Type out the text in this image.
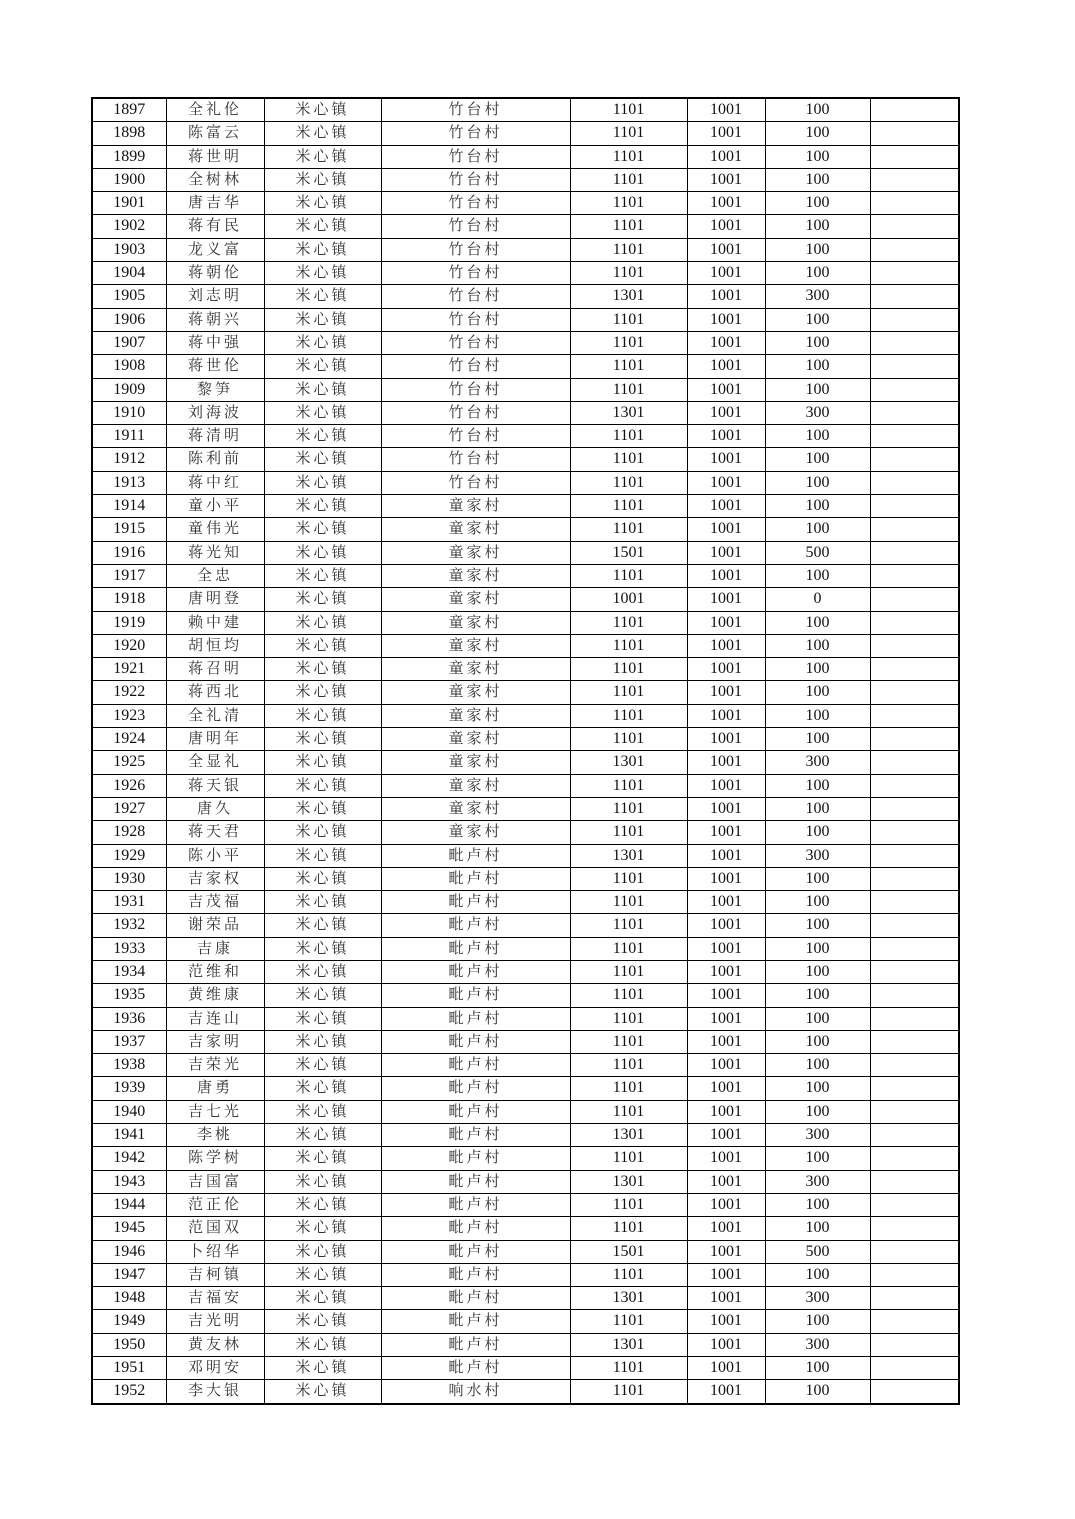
1897	全礼伦	米心镇	竹台村	1101	1001	100	
1898	陈富云	米心镇	竹台村	1101	1001	100	
1899	蒋世明	米心镇	竹台村	1101	1001	100	
1900	全树林	米心镇	竹台村	1101	1001	100	
1901	唐吉华	米心镇	竹台村	1101	1001	100	
1902	蒋有民	米心镇	竹台村	1101	1001	100	
1903	龙义富	米心镇	竹台村	1101	1001	100	
1904	蒋朝伦	米心镇	竹台村	1101	1001	100	
1905	刘志明	米心镇	竹台村	1301	1001	300	
1906	蒋朝兴	米心镇	竹台村	1101	1001	100	
1907	蒋中强	米心镇	竹台村	1101	1001	100	
1908	蒋世伦	米心镇	竹台村	1101	1001	100	
1909	黎笋	米心镇	竹台村	1101	1001	100	
1910	刘海波	米心镇	竹台村	1301	1001	300	
1911	蒋清明	米心镇	竹台村	1101	1001	100	
1912	陈利前	米心镇	竹台村	1101	1001	100	
1913	蒋中红	米心镇	竹台村	1101	1001	100	
1914	童小平	米心镇	童家村	1101	1001	100	
1915	童伟光	米心镇	童家村	1101	1001	100	
1916	蒋光知	米心镇	童家村	1501	1001	500	
1917	全忠	米心镇	童家村	1101	1001	100	
1918	唐明登	米心镇	童家村	1001	1001	0	
1919	赖中建	米心镇	童家村	1101	1001	100	
1920	胡恒均	米心镇	童家村	1101	1001	100	
1921	蒋召明	米心镇	童家村	1101	1001	100	
1922	蒋西北	米心镇	童家村	1101	1001	100	
1923	全礼清	米心镇	童家村	1101	1001	100	
1924	唐明年	米心镇	童家村	1101	1001	100	
1925	全显礼	米心镇	童家村	1301	1001	300	
1926	蒋天银	米心镇	童家村	1101	1001	100	
1927	唐久	米心镇	童家村	1101	1001	100	
1928	蒋天君	米心镇	童家村	1101	1001	100	
1929	陈小平	米心镇	毗卢村	1301	1001	300	
1930	吉家权	米心镇	毗卢村	1101	1001	100	
1931	吉茂福	米心镇	毗卢村	1101	1001	100	
1932	谢荣品	米心镇	毗卢村	1101	1001	100	
1933	吉康	米心镇	毗卢村	1101	1001	100	
1934	范维和	米心镇	毗卢村	1101	1001	100	
1935	黄维康	米心镇	毗卢村	1101	1001	100	
1936	吉连山	米心镇	毗卢村	1101	1001	100	
1937	吉家明	米心镇	毗卢村	1101	1001	100	
1938	吉荣光	米心镇	毗卢村	1101	1001	100	
1939	唐勇	米心镇	毗卢村	1101	1001	100	
1940	吉七光	米心镇	毗卢村	1101	1001	100	
1941	李桃	米心镇	毗卢村	1301	1001	300	
1942	陈学树	米心镇	毗卢村	1101	1001	100	
1943	吉国富	米心镇	毗卢村	1301	1001	300	
1944	范正伦	米心镇	毗卢村	1101	1001	100	
1945	范国双	米心镇	毗卢村	1101	1001	100	
1946	卜绍华	米心镇	毗卢村	1501	1001	500	
1947	吉柯镇	米心镇	毗卢村	1101	1001	100	
1948	吉福安	米心镇	毗卢村	1301	1001	300	
1949	吉光明	米心镇	毗卢村	1101	1001	100	
1950	黄友林	米心镇	毗卢村	1301	1001	300	
1951	邓明安	米心镇	毗卢村	1101	1001	100	
1952	李大银	米心镇	响水村	1101	1001	100	
